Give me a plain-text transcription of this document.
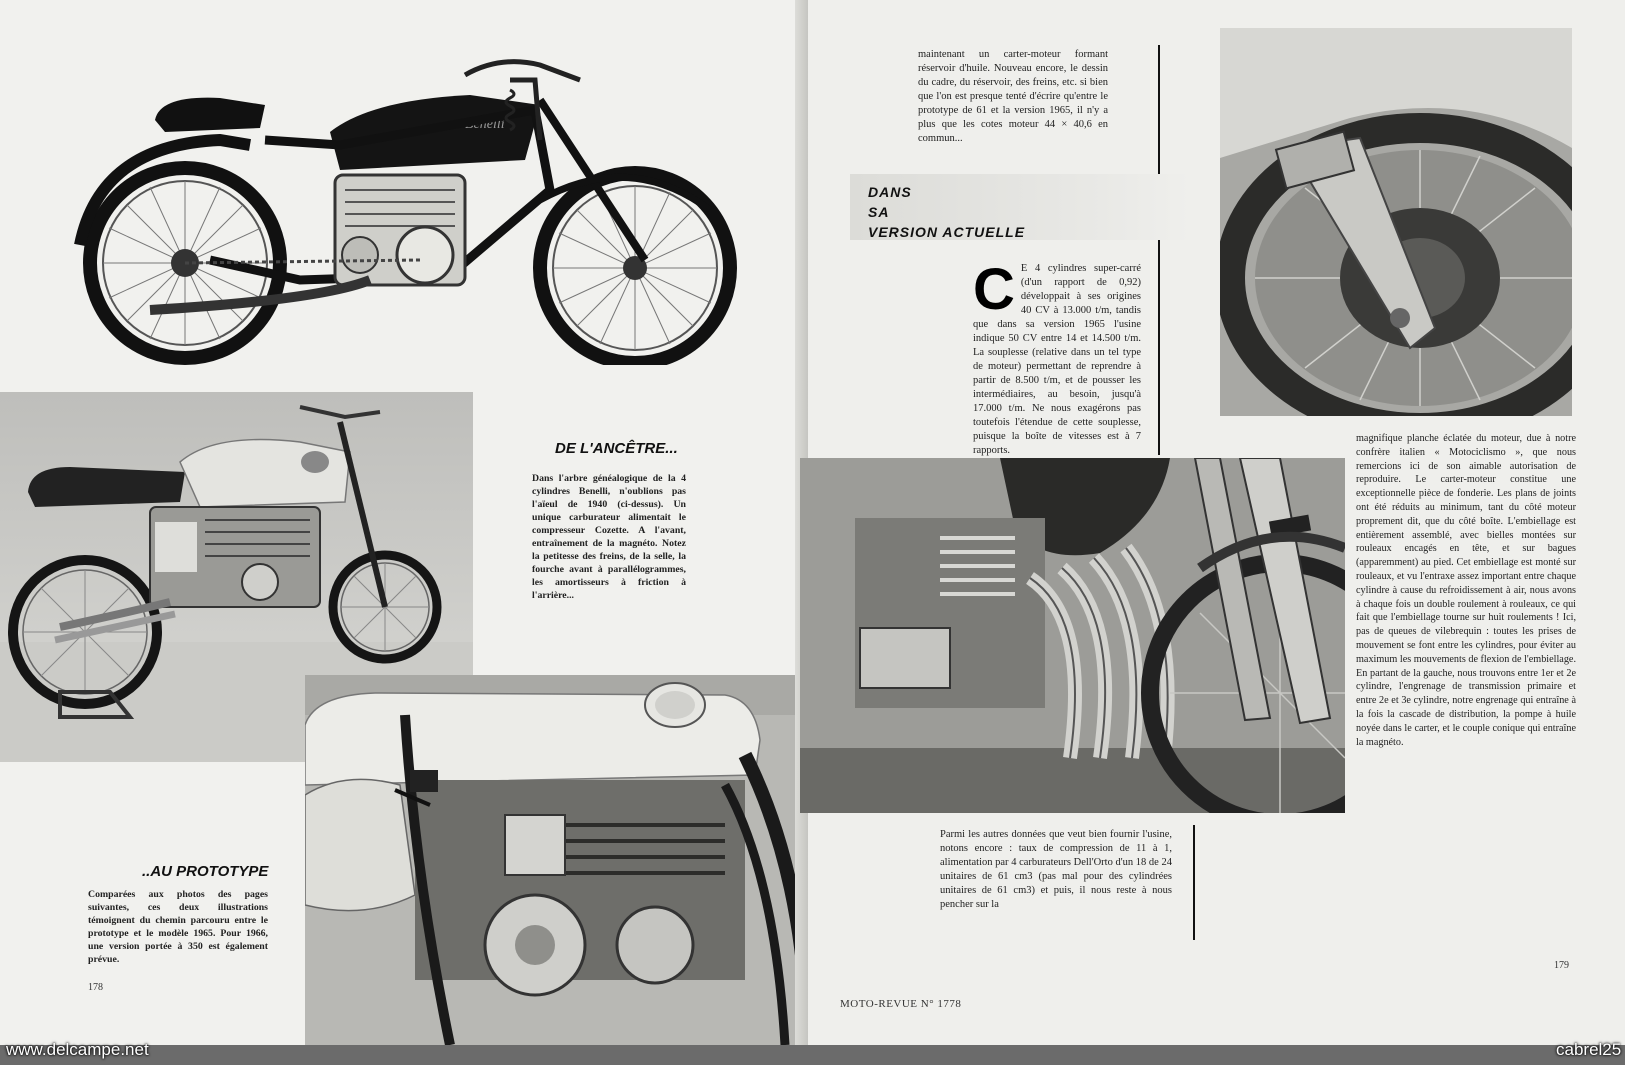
Benelli
DE L'ANCÊTRE...
Dans l'arbre généalogique de la 4 cylindres Benelli, n'oublions pas l'aïeul de 1940 (ci-dessus). Un unique carburateur alimentait le compresseur Cozette. A l'avant, entraînement de la magnéto. Notez la petitesse des freins, de la selle, la fourche avant à parallélogrammes, les amortisseurs à friction à l'arrière...
..AU PROTOTYPE
Comparées aux photos des pages suivantes, ces deux illustrations témoignent du chemin parcouru entre le prototype et le modèle 1965. Pour 1966, une version portée à 350 est également prévue.
178
www.delcampe.net
maintenant un carter-moteur formant réservoir d'huile. Nouveau encore, le dessin du cadre, du réservoir, des freins, etc. si bien que l'on est presque tenté d'écrire qu'entre le prototype de 61 et la version 1965, il n'y a plus que les cotes moteur 44 × 40,6 en commun...
DANS
SA
VERSION ACTUELLE
C E 4 cylindres super-carré (d'un rapport de 0,92) développait à ses origines 40 CV à 13.000 t/m, tandis que dans sa version 1965 l'usine indique 50 CV entre 14 et 14.500 t/m. La souplesse (relative dans un tel type de moteur) permettant de reprendre à partir de 8.500 t/m, et de pousser les intermédiaires, au besoin, jusqu'à 17.000 t/m. Ne nous exagérons pas toutefois l'étendue de cette souplesse, puisque la boîte de vitesses est à 7 rapports.
Parmi les autres données que veut bien fournir l'usine, notons encore : taux de compression de 11 à 1, alimentation par 4 carburateurs Dell'Orto d'un 18 de 24 unitaires de 61 cm3 (pas mal pour des cylindrées unitaires de 61 cm3) et puis, il nous reste à nous pencher sur la
magnifique planche éclatée du moteur, due à notre confrère italien « Motociclismo », que nous remercions ici de son aimable autorisation de reproduire. Le carter-moteur constitue une exceptionnelle pièce de fonderie. Les plans de joints ont été réduits au minimum, tant du côté moteur proprement dit, que du côté boîte. L'embiellage est entièrement assemblé, avec bielles montées sur rouleaux encagés en tête, et sur bagues (apparemment) au pied. Cet embiellage est monté sur rouleaux, et vu l'entraxe assez important entre chaque cylindre à cause du refroidissement à air, nous avons à chaque fois un double roulement à rouleaux, ce qui fait que l'embiellage tourne sur huit roulements ! Ici, pas de queues de vilebrequin : toutes les prises de mouvement se font entre les cylindres, pour éviter au maximum les mouvements de flexion de l'embiellage. En partant de la gauche, nous trouvons entre 1er et 2e cylindre, l'engrenage de transmission primaire et entre 2e et 3e cylindre, notre engrenage qui entraîne à la fois la cascade de distribution, la pompe à huile noyée dans le carter, et le couple conique qui entraîne la magnéto.
MOTO-REVUE N° 1778
179
cabrel25
